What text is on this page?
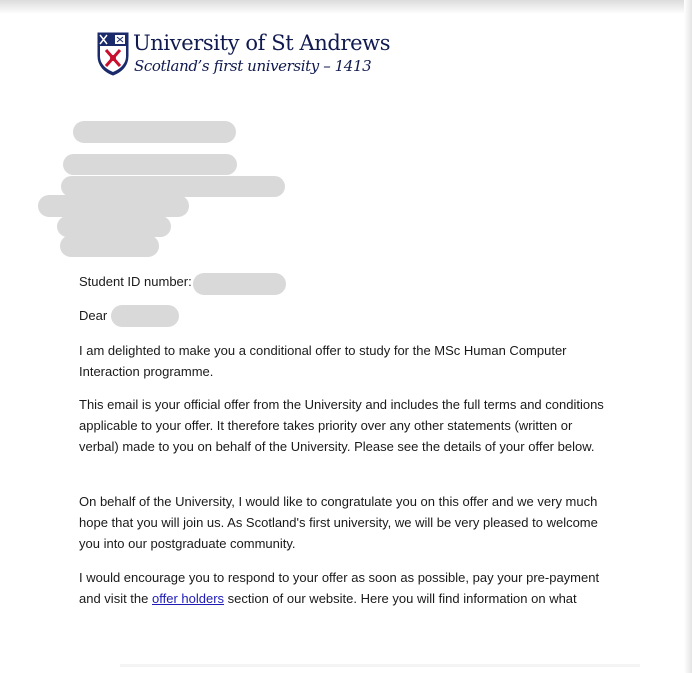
University of St Andrews
Scotland’s first university – 1413
Student ID number:
Dear

I am delighted to make you a conditional offer to study for the MSc Human Computer Interaction programme.

This email is your official offer from the University and includes the full terms and conditions applicable to your offer. It therefore takes priority over any other statements (written or verbal) made to you on behalf of the University. Please see the details of your offer below.

On behalf of the University, I would like to congratulate you on this offer and we very much hope that you will join us. As Scotland's first university, we will be very pleased to welcome you into our postgraduate community.

I would encourage you to respond to your offer as soon as possible, pay your pre-payment and visit the offer holders section of our website. Here you will find information on what
